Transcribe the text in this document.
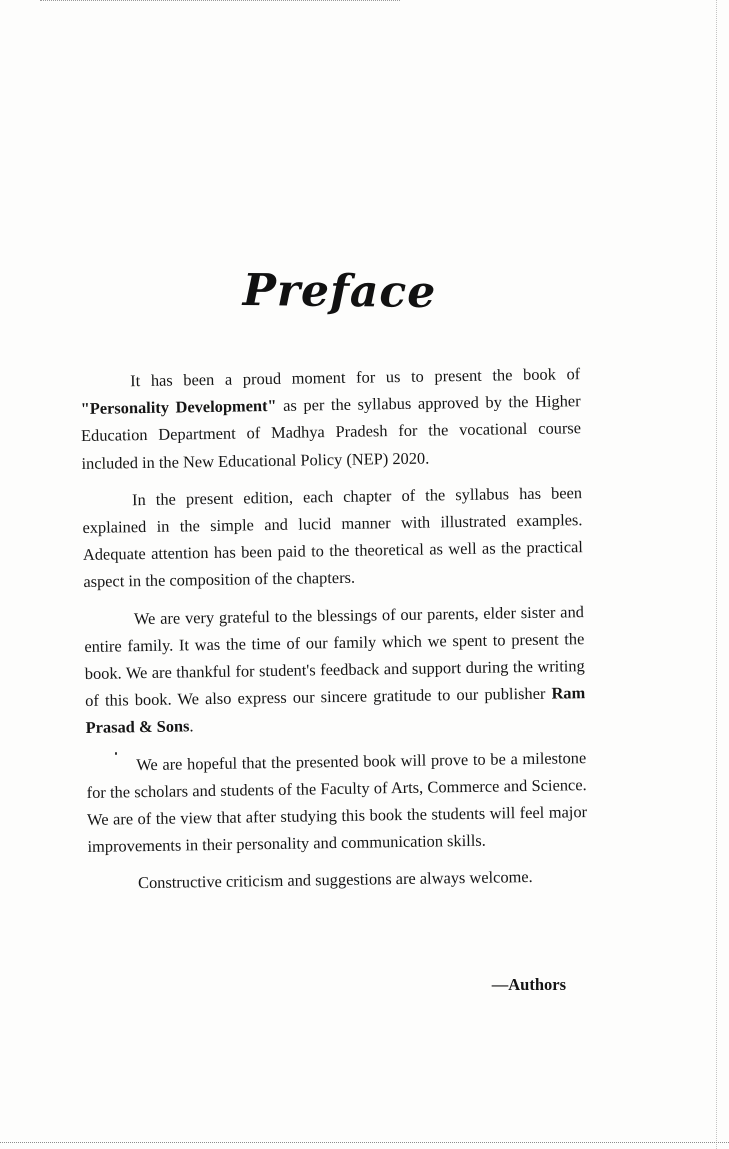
Preface

It has been a proud moment for us to present the book of "Personality Development" as per the syllabus approved by the Higher Education Department of Madhya Pradesh for the vocational course included in the New Educational Policy (NEP) 2020.

In the present edition, each chapter of the syllabus has been explained in the simple and lucid manner with illustrated examples. Adequate attention has been paid to the theoretical as well as the practical aspect in the composition of the chapters.

We are very grateful to the blessings of our parents, elder sister and entire family. It was the time of our family which we spent to present the book. We are thankful for student's feedback and support during the writing of this book. We also express our sincere gratitude to our publisher Ram Prasad & Sons.

We are hopeful that the presented book will prove to be a milestone for the scholars and students of the Faculty of Arts, Commerce and Science. We are of the view that after studying this book the students will feel major improvements in their personality and communication skills.

Constructive criticism and suggestions are always welcome.

—Authors
